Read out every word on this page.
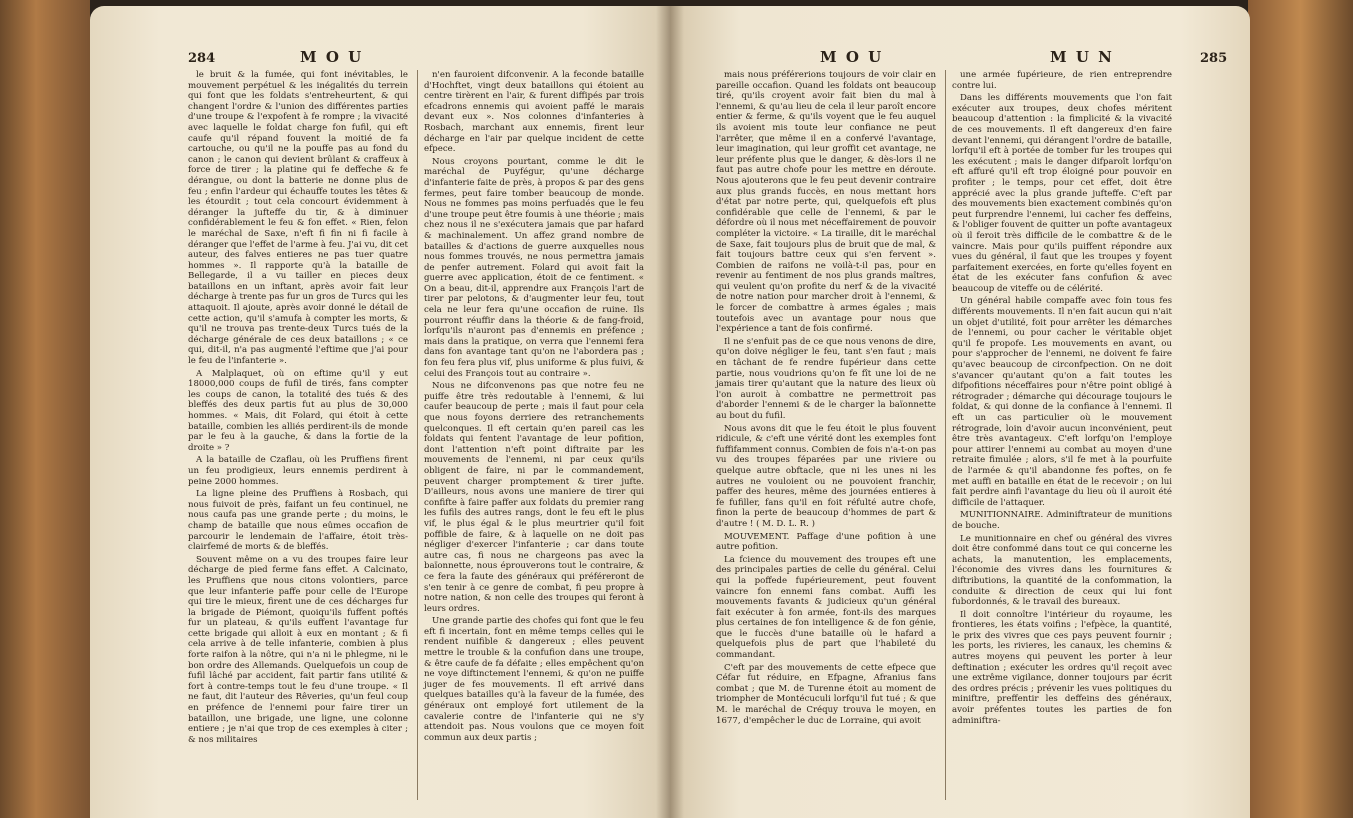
284	M O U

le bruit & la fumée, qui font inévitables, le mouvement perpétuel & les inégalités du terrein qui font que les foldats s'entreheurtent, & qui changent l'ordre & l'union des différentes parties d'une troupe & l'expofent à fe rompre ; la vivacité avec laquelle le foldat charge fon fufil, qui eft caufe qu'il répand fouvent la moitié de fa cartouche, ou qu'il ne la pouffe pas au fond du canon ; le canon qui devient brûlant & craffeux à force de tirer ; la platine qui fe deffeche & fe dérangue, ou dont la batterie ne donne plus de feu ; enfin l'ardeur qui échauffe toutes les têtes & les étourdit ; tout cela concourt évidemment à déranger la jufteffe du tir, & à diminuer confidérablement le feu & fon effet. « Rien, felon le maréchal de Saxe, n'eft fi fin ni fi facile à déranger que l'effet de l'arme à feu. J'ai vu, dit cet auteur, des falves entieres ne pas tuer quatre hommes ». Il rapporte qu'à la bataille de Bellegarde, il a vu tailler en pieces deux bataillons en un inftant, après avoir fait leur décharge à trente pas fur un gros de Turcs qui les attaquoit. Il ajoute, après avoir donné le détail de cette action, qu'il s'amufa à compter les morts, & qu'il ne trouva pas trente-deux Turcs tués de la décharge générale de ces deux bataillons ; « ce qui, dit-il, n'a pas augmenté l'eftime que j'ai pour le feu de l'infanterie ».

A Malplaquet, où on eftime qu'il y eut 18000,000 coups de fufil de tirés, fans compter les coups de canon, la totalité des tués & des bleffés des deux partis fut au plus de 30,000 hommes. « Mais, dit Folard, qui étoit à cette bataille, combien les alliés perdirent-ils de monde par le feu à la gauche, & dans la fortie de la droite » ?

A la bataille de Czaflau, où les Pruffiens firent un feu prodigieux, leurs ennemis perdirent à peine 2000 hommes.

La ligne pleine des Pruffiens à Rosbach, qui nous fuivoit de près, faifant un feu continuel, ne nous caufa pas une grande perte ; du moins, le champ de bataille que nous eûmes occafion de parcourir le lendemain de l'affaire, étoit très-clairfemé de morts & de bleffés.

Souvent même on a vu des troupes faire leur décharge de pied ferme fans effet. A Calcinato, les Pruffiens que nous citons volontiers, parce que leur infanterie paffe pour celle de l'Europe qui tire le mieux, firent une de ces décharges fur la brigade de Piémont, quoiqu'ils fuffent poftés fur un plateau, & qu'ils euffent l'avantage fur cette brigade qui alloit à eux en montant ; & fi cela arrive à de telle infanterie, combien à plus forte raifon à la nôtre, qui n'a ni le phlegme, ni le bon ordre des Allemands. Quelquefois un coup de fufil lâché par accident, fait partir fans utilité & fort à contre-temps tout le feu d'une troupe. « Il ne faut, dit l'auteur des Rêveries, qu'un feul coup en préfence de l'ennemi pour faire tirer un bataillon, une brigade, une ligne, une colonne entiere ; je n'ai que trop de ces exemples à citer ; & nos militaires

n'en fauroient difconvenir. A la feconde bataille d'Hochftet, vingt deux bataillons qui étoient au centre tirèrent en l'air, & furent diffipés par trois efcadrons ennemis qui avoient paffé le marais devant eux ». Nos colonnes d'infanteries à Rosbach, marchant aux ennemis, firent leur décharge en l'air par quelque incident de cette efpece.

Nous croyons pourtant, comme le dit le maréchal de Puyfégur, qu'une décharge d'infanterie faite de près, à propos & par des gens fermes, peut faire tomber beaucoup de monde. Nous ne fommes pas moins perfuadés que le feu d'une troupe peut être foumis à une théorie ; mais chez nous il ne s'exécutera jamais que par hafard & machinalement. Un affez grand nombre de batailles & d'actions de guerre auxquelles nous nous fommes trouvés, ne nous permettra jamais de penfer autrement. Folard qui avoit fait la guerre avec application, étoit de ce fentiment. « On a beau, dit-il, apprendre aux François l'art de tirer par pelotons, & d'augmenter leur feu, tout cela ne leur fera qu'une occafion de ruine. Ils pourront réuffir dans la théorie & de fang-froid, lorfqu'ils n'auront pas d'ennemis en préfence ; mais dans la pratique, on verra que l'ennemi fera dans fon avantage tant qu'on ne l'abordera pas ; fon feu fera plus vif, plus uniforme & plus fuivi, & celui des François tout au contraire ».

Nous ne difconvenons pas que notre feu ne puiffe être très redoutable à l'ennemi, & lui caufer beaucoup de perte ; mais il faut pour cela que nous foyons derriere des retranchements quelconques. Il eft certain qu'en pareil cas les foldats qui fentent l'avantage de leur pofition, dont l'attention n'eft point diftraite par les mouvements de l'ennemi, ni par ceux qu'ils obligent de faire, ni par le commandement, peuvent charger promptement & tirer jufte. D'ailleurs, nous avons une maniere de tirer qui confifte à faire paffer aux foldats du premier rang les fufils des autres rangs, dont le feu eft le plus vif, le plus égal & le plus meurtrier qu'il foit poffible de faire, & à laquelle on ne doit pas négliger d'exercer l'infanterie ; car dans toute autre cas, fi nous ne chargeons pas avec la baïonnette, nous éprouverons tout le contraire, & ce fera la faute des généraux qui préféreront de s'en tenir à ce genre de combat, fi peu propre à notre nation, & non celle des troupes qui feront à leurs ordres.

Une grande partie des chofes qui font que le feu eft fi incertain, font en même temps celles qui le rendent nuifible & dangereux ; elles peuvent mettre le trouble & la confufion dans une troupe, & être caufe de fa défaite ; elles empêchent qu'on ne voye diftinctement l'ennemi, & qu'on ne puiffe juger de fes mouvements. Il eft arrivé dans quelques batailles qu'à la faveur de la fumée, des généraux ont employé fort utilement de la cavalerie contre de l'infanterie qui ne s'y attendoit pas. Nous voulons que ce moyen foit commun aux deux partis ;

M O U	M U N	285

mais nous préférerions toujours de voir clair en pareille occafion. Quand les foldats ont beaucoup tiré, qu'ils croyent avoir fait bien du mal à l'ennemi, & qu'au lieu de cela il leur paroît encore entier & ferme, & qu'ils voyent que le feu auquel ils avoient mis toute leur confiance ne peut l'arrêter, que même il en a confervé l'avantage, leur imagination, qui leur groffit cet avantage, ne leur préfente plus que le danger, & dès-lors il ne faut pas autre chofe pour les mettre en déroute. Nous ajouterons que le feu peut devenir contraire aux plus grands fuccès, en nous mettant hors d'état par notre perte, qui, quelquefois eft plus confidérable que celle de l'ennemi, & par le défordre où il nous met néceffairement de pouvoir compléter la victoire. « La tiraille, dit le maréchal de Saxe, fait toujours plus de bruit que de mal, & fait toujours battre ceux qui s'en fervent ». Combien de raifons ne voilà-t-il pas, pour en revenir au fentiment de nos plus grands maîtres, qui veulent qu'on profite du nerf & de la vivacité de notre nation pour marcher droit à l'ennemi, & le forcer de combattre à armes égales ; mais toutefois avec un avantage pour nous que l'expérience a tant de fois confirmé.

Il ne s'enfuit pas de ce que nous venons de dire, qu'on doive négliger le feu, tant s'en faut ; mais en tâchant de fe rendre fupérieur dans cette partie, nous voudrions qu'on fe fît une loi de ne jamais tirer qu'autant que la nature des lieux où l'on auroit à combattre ne permettroit pas d'aborder l'ennemi & de le charger la baïonnette au bout du fufil.

Nous avons dit que le feu étoit le plus fouvent ridicule, & c'eft une vérité dont les exemples font fuffifamment connus. Combien de fois n'a-t-on pas vu des troupes féparées par une riviere ou quelque autre obftacle, que ni les unes ni les autres ne vouloient ou ne pouvoient franchir, paffer des heures, même des journées entieres à fe fufiller, fans qu'il en foit réfulté autre chofe, finon la perte de beaucoup d'hommes de part & d'autre ! ( M. D. L. R. )

MOUVEMENT. Paffage d'une pofition à une autre pofition.

La fcience du mouvement des troupes eft une des principales parties de celle du général. Celui qui la poffede fupérieurement, peut fouvent vaincre fon ennemi fans combat. Auffi les mouvements favants & judicieux qu'un général fait exécuter à fon armée, font-ils des marques plus certaines de fon intelligence & de fon génie, que le fuccès d'une bataille où le hafard a quelquefois plus de part que l'habileté du commandant.

C'eft par des mouvements de cette efpece que Céfar fut réduire, en Efpagne, Afranius fans combat ; que M. de Turenne étoit au moment de triompher de Montécuculi lorfqu'il fut tué ; & que M. le maréchal de Créquy trouva le moyen, en 1677, d'empêcher le duc de Lorraine, qui avoit

une armée fupérieure, de rien entreprendre contre lui.

Dans les différents mouvements que l'on fait exécuter aux troupes, deux chofes méritent beaucoup d'attention : la fimplicité & la vivacité de ces mouvements. Il eft dangereux d'en faire devant l'ennemi, qui dérangent l'ordre de bataille, lorfqu'il eft à portée de tomber fur les troupes qui les exécutent ; mais le danger difparoît lorfqu'on eft affuré qu'il eft trop éloigné pour pouvoir en profiter ; le temps, pour cet effet, doit être apprécié avec la plus grande jufteffe. C'eft par des mouvements bien exactement combinés qu'on peut furprendre l'ennemi, lui cacher fes deffeins, & l'obliger fouvent de quitter un pofte avantageux où il feroit très difficile de le combattre & de le vaincre. Mais pour qu'ils puiffent répondre aux vues du général, il faut que les troupes y foyent parfaitement exercées, en forte qu'elles foyent en état de les exécuter fans confufion & avec beaucoup de viteffe ou de célérité.

Un général habile compaffe avec foin tous fes différents mouvements. Il n'en fait aucun qui n'ait un objet d'utilité, foit pour arrêter les démarches de l'ennemi, ou pour cacher le véritable objet qu'il fe propofe. Les mouvements en avant, ou pour s'approcher de l'ennemi, ne doivent fe faire qu'avec beaucoup de circonfpection. On ne doit s'avancer qu'autant qu'on a fait toutes les difpofitions néceffaires pour n'être point obligé à rétrograder ; démarche qui décourage toujours le foldat, & qui donne de la confiance à l'ennemi. Il eft un cas particulier où le mouvement rétrograde, loin d'avoir aucun inconvénient, peut être très avantageux. C'eft lorfqu'on l'employe pour attirer l'ennemi au combat au moyen d'une retraite fimulée ; alors, s'il fe met à la pourfuite de l'armée & qu'il abandonne fes poftes, on fe met auffi en bataille en état de le recevoir ; on lui fait perdre ainfi l'avantage du lieu où il auroit été difficile de l'attaquer.

MUNITIONNAIRE. Adminiftrateur de munitions de bouche.

Le munitionnaire en chef ou général des vivres doit être confommé dans tout ce qui concerne les achats, la manutention, les emplacements, l'économie des vivres dans les fournitures & diftributions, la quantité de la confommation, la conduite & direction de ceux qui lui font fubordonnés, & le travail des bureaux.

Il doit connoître l'intérieur du royaume, les frontieres, les états voifins ; l'efpèce, la quantité, le prix des vivres que ces pays peuvent fournir ; les ports, les rivieres, les canaux, les chemins & autres moyens qui peuvent les porter à leur deftination ; exécuter les ordres qu'il reçoit avec une extrême vigilance, donner toujours par écrit des ordres précis ; prévenir les vues politiques du miniftre, preffentir les deffeins des généraux, avoir préfentes toutes les parties de fon adminiftra-
